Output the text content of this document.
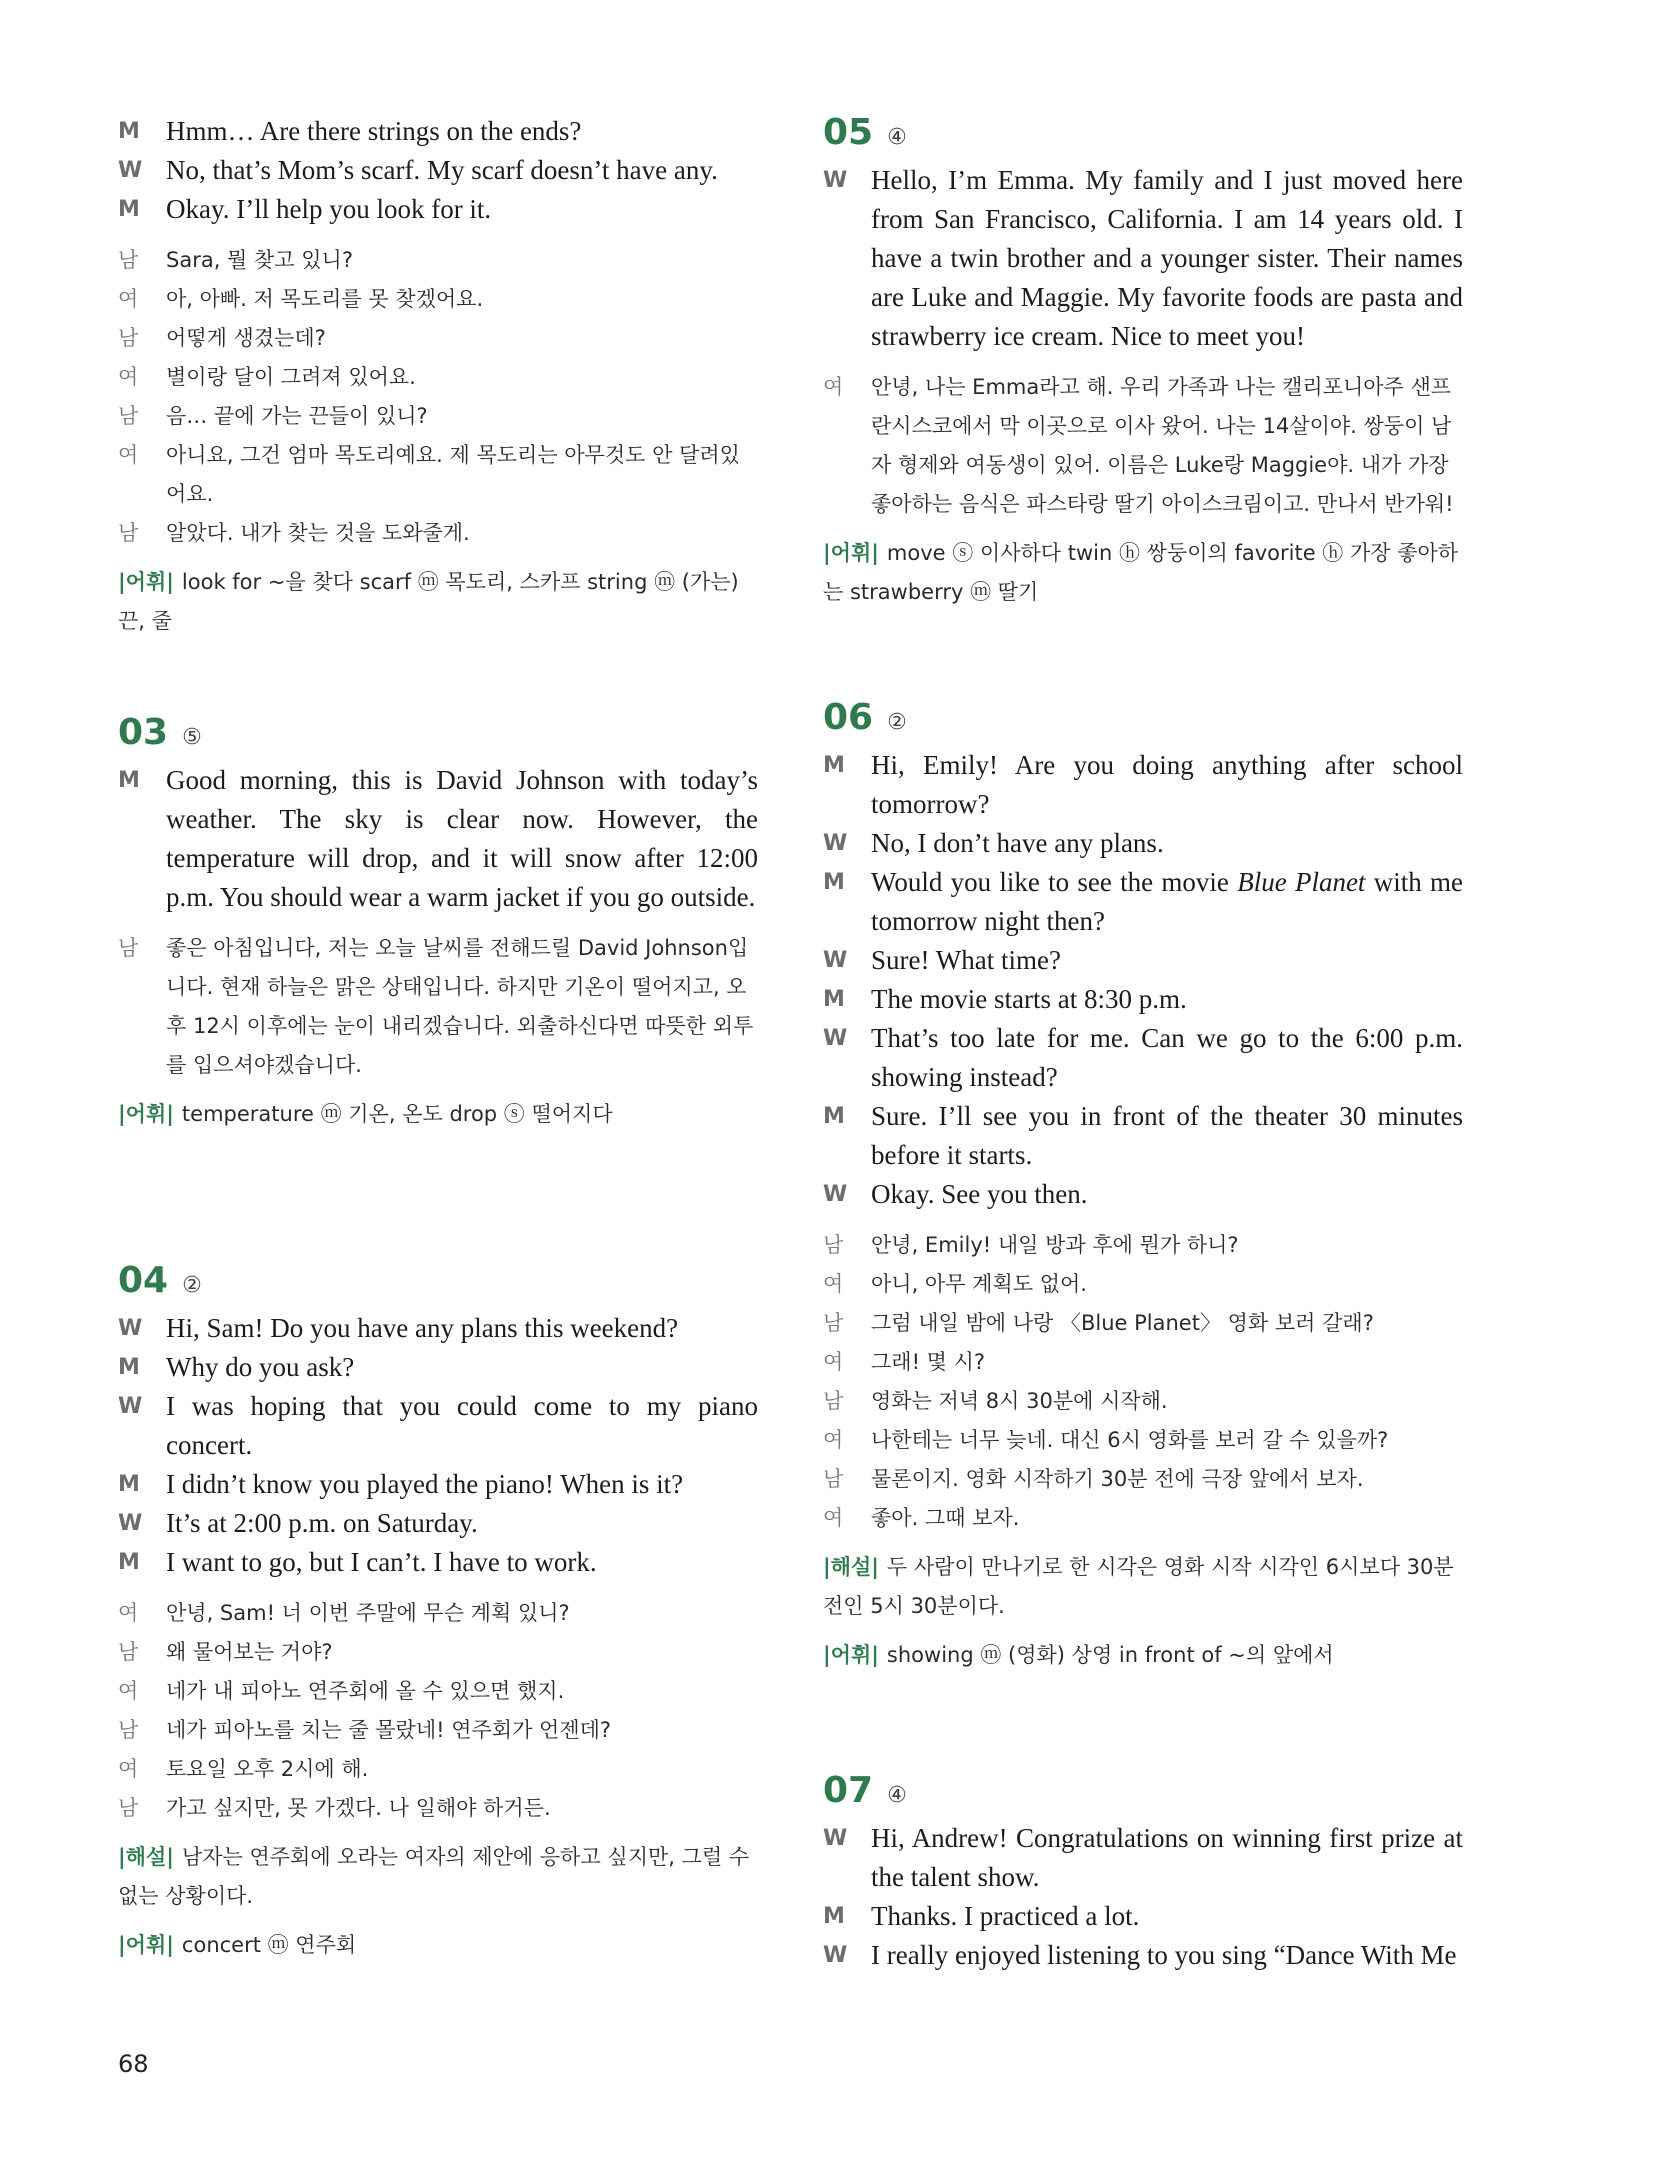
M Hmm… Are there strings on the ends?
W No, that’s Mom’s scarf. My scarf doesn’t have any.
M Okay. I’ll help you look for it.
남	Sara, 뭘 찾고 있니?
여	아, 아빠. 저 목도리를 못 찾겠어요.
남	어떻게 생겼는데?
여	별이랑 달이 그려져 있어요.
남	음… 끝에 가는 끈들이 있니?
여	아니요, 그건 엄마 목도리예요. 제 목도리는 아무것도 안 달려있어요.
남	알았다. 내가 찾는 것을 도와줄게.
|어휘| look for ~을 찾다 scarf ⓜ 목도리, 스카프 string ⓜ (가는) 끈, 줄
03 ⑤
M Good morning, this is David Johnson with today’s weather. The sky is clear now. However, the temperature will drop, and it will snow after 12:00 p.m. You should wear a warm jacket if you go outside.
남	좋은 아침입니다, 저는 오늘 날씨를 전해드릴 David Johnson입니다. 현재 하늘은 맑은 상태입니다. 하지만 기온이 떨어지고, 오후 12시 이후에는 눈이 내리겠습니다. 외출하신다면 따뜻한 외투를 입으셔야겠습니다.
|어휘| temperature ⓜ 기온, 온도 drop ⓢ 떨어지다
04 ②
W Hi, Sam! Do you have any plans this weekend?
M Why do you ask?
W I was hoping that you could come to my piano concert.
M I didn’t know you played the piano! When is it?
W It’s at 2:00 p.m. on Saturday.
M I want to go, but I can’t. I have to work.
여	안녕, Sam! 너 이번 주말에 무슨 계획 있니?
남	왜 물어보는 거야?
여	네가 내 피아노 연주회에 올 수 있으면 했지.
남	네가 피아노를 치는 줄 몰랐네! 연주회가 언젠데?
여	토요일 오후 2시에 해.
남	가고 싶지만, 못 가겠다. 나 일해야 하거든.
|해설| 남자는 연주회에 오라는 여자의 제안에 응하고 싶지만, 그럴 수 없는 상황이다.
|어휘| concert ⓜ 연주회
05 ④
W Hello, I’m Emma. My family and I just moved here from San Francisco, California. I am 14 years old. I have a twin brother and a younger sister. Their names are Luke and Maggie. My favorite foods are pasta and strawberry ice cream. Nice to meet you!
여	안녕, 나는 Emma라고 해. 우리 가족과 나는 캘리포니아주 샌프란시스코에서 막 이곳으로 이사 왔어. 나는 14살이야. 쌍둥이 남자 형제와 여동생이 있어. 이름은 Luke랑 Maggie야. 내가 가장 좋아하는 음식은 파스타랑 딸기 아이스크림이고. 만나서 반가워!
|어휘| move ⓢ 이사하다 twin ⓗ 쌍둥이의 favorite ⓗ 가장 좋아하는 strawberry ⓜ 딸기
06 ②
M Hi, Emily! Are you doing anything after school tomorrow?
W No, I don’t have any plans.
M Would you like to see the movie Blue Planet with me tomorrow night then?
W Sure! What time?
M The movie starts at 8:30 p.m.
W That’s too late for me. Can we go to the 6:00 p.m. showing instead?
M Sure. I’ll see you in front of the theater 30 minutes before it starts.
W Okay. See you then.
남	안녕, Emily! 내일 방과 후에 뭔가 하니?
여	아니, 아무 계획도 없어.
남	그럼 내일 밤에 나랑 〈Blue Planet〉 영화 보러 갈래?
여	그래! 몇 시?
남	영화는 저녁 8시 30분에 시작해.
여	나한테는 너무 늦네. 대신 6시 영화를 보러 갈 수 있을까?
남	물론이지. 영화 시작하기 30분 전에 극장 앞에서 보자.
여	좋아. 그때 보자.
|해설| 두 사람이 만나기로 한 시각은 영화 시작 시각인 6시보다 30분 전인 5시 30분이다.
|어휘| showing ⓜ (영화) 상영 in front of ~의 앞에서
07 ④
W Hi, Andrew! Congratulations on winning first prize at the talent show.
M Thanks. I practiced a lot.
W I really enjoyed listening to you sing “Dance With Me
68
